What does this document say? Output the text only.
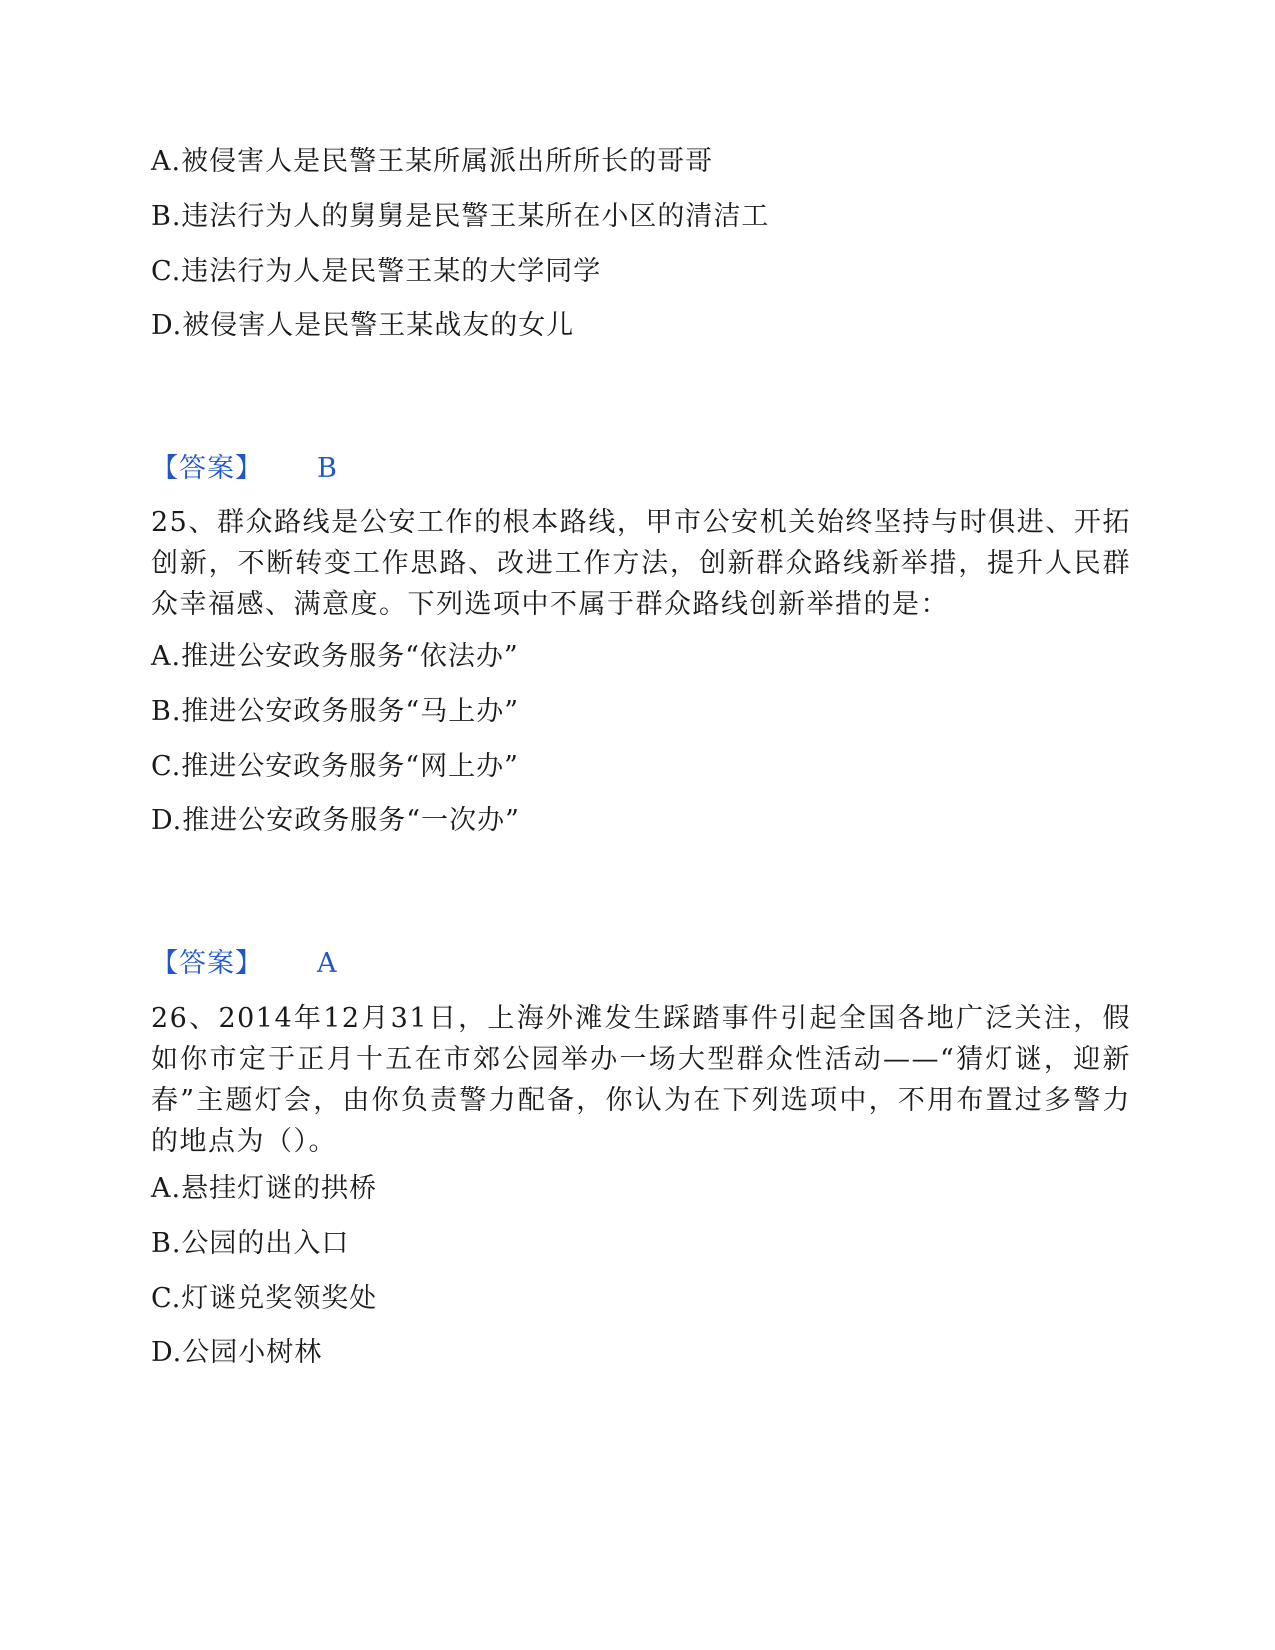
A.被侵害人是民警王某所属派出所所长的哥哥
B.违法行为人的舅舅是民警王某所在小区的清洁工
C.违法行为人是民警王某的大学同学
D.被侵害人是民警王某战友的女儿
【答案】 B
25、群众路线是公安工作的根本路线，甲市公安机关始终坚持与时俱进、开拓创新，不断转变工作思路、改进工作方法，创新群众路线新举措，提升人民群众幸福感、满意度。下列选项中不属于群众路线创新举措的是：
A.推进公安政务服务“依法办”
B.推进公安政务服务“马上办”
C.推进公安政务服务“网上办”
D.推进公安政务服务“一次办”
【答案】 A
26、2014年12月31日，上海外滩发生踩踏事件引起全国各地广泛关注，假如你市定于正月十五在市郊公园举办一场大型群众性活动——“猜灯谜，迎新春”主题灯会，由你负责警力配备，你认为在下列选项中，不用布置过多警力的地点为（）。
A.悬挂灯谜的拱桥
B.公园的出入口
C.灯谜兑奖领奖处
D.公园小树林
